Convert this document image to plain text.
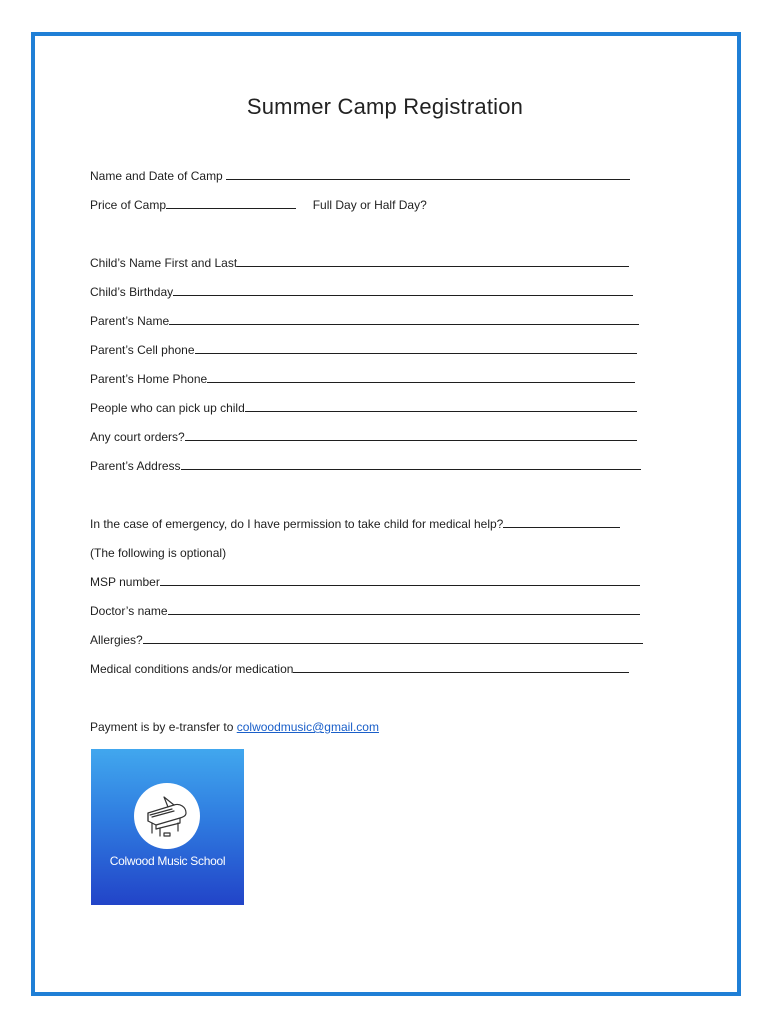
Summer Camp Registration
Name and Date of Camp
Price of Camp	Full Day or Half Day?
Child’s Name First and Last
Child’s Birthday
Parent’s Name
Parent’s Cell phone
Parent’s Home Phone
People who can pick up child
Any court orders?
Parent’s Address
In the case of emergency, do I have permission to take child for medical help?
(The following is optional)
MSP number
Doctor’s name
Allergies?
Medical conditions ands/or medication
Payment is by e-transfer to colwoodmusic@gmail.com
Colwood Music School
